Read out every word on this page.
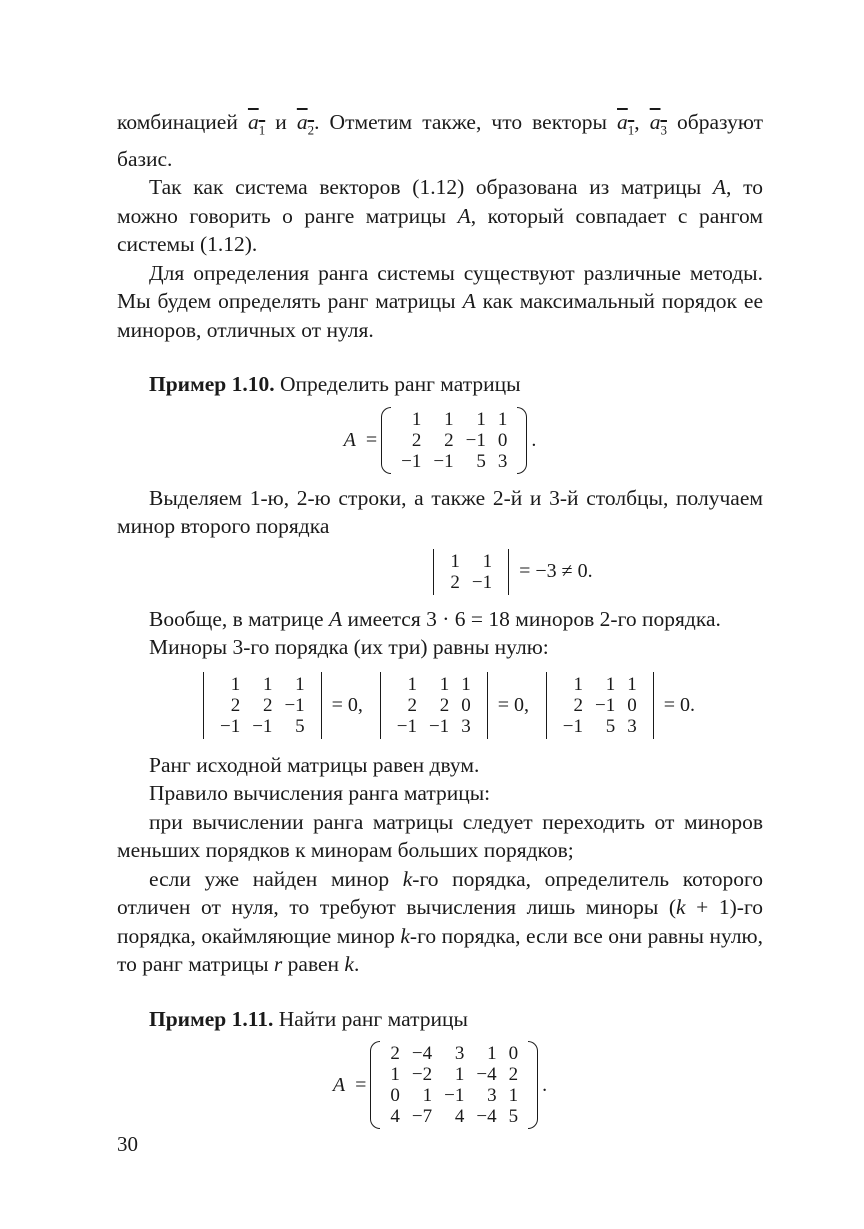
комбинацией $a_1$ и $a_2$. Отметим также, что векторы $a_1$, $a_3$ образуют базис.

Так как система векторов (1.12) образована из матрицы A, то можно говорить о ранге матрицы A, который совпадает с рангом системы (1.12).

Для определения ранга системы существуют различные методы. Мы будем определять ранг матрицы A как максимальный порядок ее миноров, отличных от нуля.

Пример 1.10. Определить ранг матрицы

A =
1	1	1	1
2	2	−1	0
−1	−1	5	3
.

Выделяем 1-ю, 2-ю строки, а также 2-й и 3-й столбцы, получаем минор второго порядка

1	1
2	−1 = −3 ≠ 0.

Вообще, в матрице A имеется 3 · 6 = 18 миноров 2-го порядка.

Миноры 3-го порядка (их три) равны нулю:

1	1	1
2	2	−1
−1	−1	5
= 0,
1	1	1
2	2	0
−1	−1	3
= 0,
1	1	1
2	−1	0
−1	5	3
= 0.

Ранг исходной матрицы равен двум.

Правило вычисления ранга матрицы:

при вычислении ранга матрицы следует переходить от миноров меньших порядков к минорам больших порядков;

если уже найден минор k-го порядка, определитель которого отличен от нуля, то требуют вычисления лишь миноры (k + 1)-го порядка, окаймляющие минор k-го порядка, если все они равны нулю, то ранг матрицы r равен k.

Пример 1.11. Найти ранг матрицы

A =
2	−4	3	1	0
1	−2	1	−4	2
0	1	−1	3	1
4	−7	4	−4	5
.
30
